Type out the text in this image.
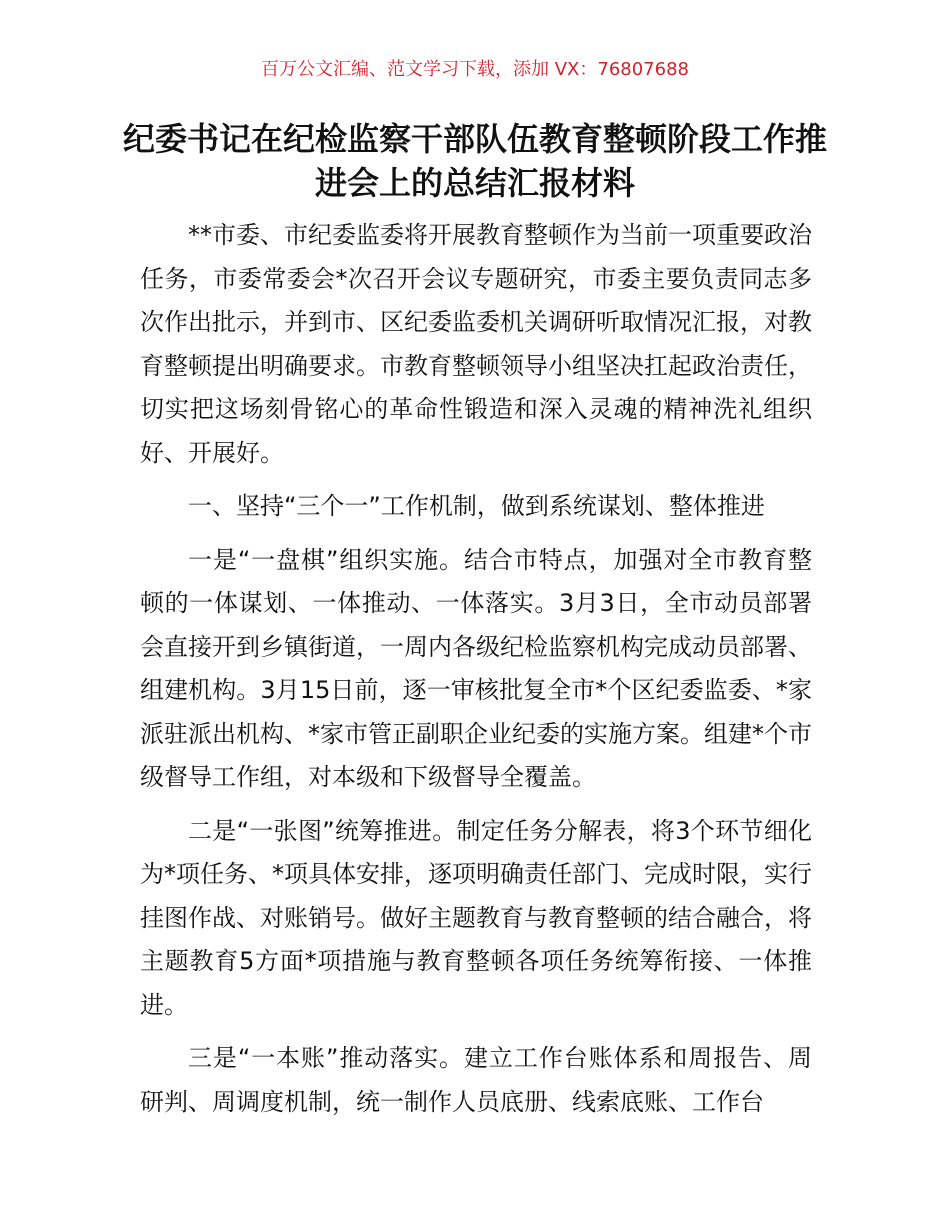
百万公文汇编、范文学习下载，添加 VX：76807688
纪委书记在纪检监察干部队伍教育整顿阶段工作推进会上的总结汇报材料

**市委、市纪委监委将开展教育整顿作为当前一项重要政治任务，市委常委会*次召开会议专题研究，市委主要负责同志多次作出批示，并到市、区纪委监委机关调研听取情况汇报，对教育整顿提出明确要求。市教育整顿领导小组坚决扛起政治责任，切实把这场刻骨铭心的革命性锻造和深入灵魂的精神洗礼组织好、开展好。

一、坚持“三个一”工作机制，做到系统谋划、整体推进

一是“一盘棋”组织实施。结合市特点，加强对全市教育整顿的一体谋划、一体推动、一体落实。3月3日，全市动员部署会直接开到乡镇街道，一周内各级纪检监察机构完成动员部署、组建机构。3月15日前，逐一审核批复全市*个区纪委监委、*家派驻派出机构、*家市管正副职企业纪委的实施方案。组建*个市级督导工作组，对本级和下级督导全覆盖。

二是“一张图”统筹推进。制定任务分解表，将3个环节细化为*项任务、*项具体安排，逐项明确责任部门、完成时限，实行挂图作战、对账销号。做好主题教育与教育整顿的结合融合，将主题教育5方面*项措施与教育整顿各项任务统筹衔接、一体推进。

三是“一本账”推动落实。建立工作台账体系和周报告、周研判、周调度机制，统一制作人员底册、线索底账、工作台
